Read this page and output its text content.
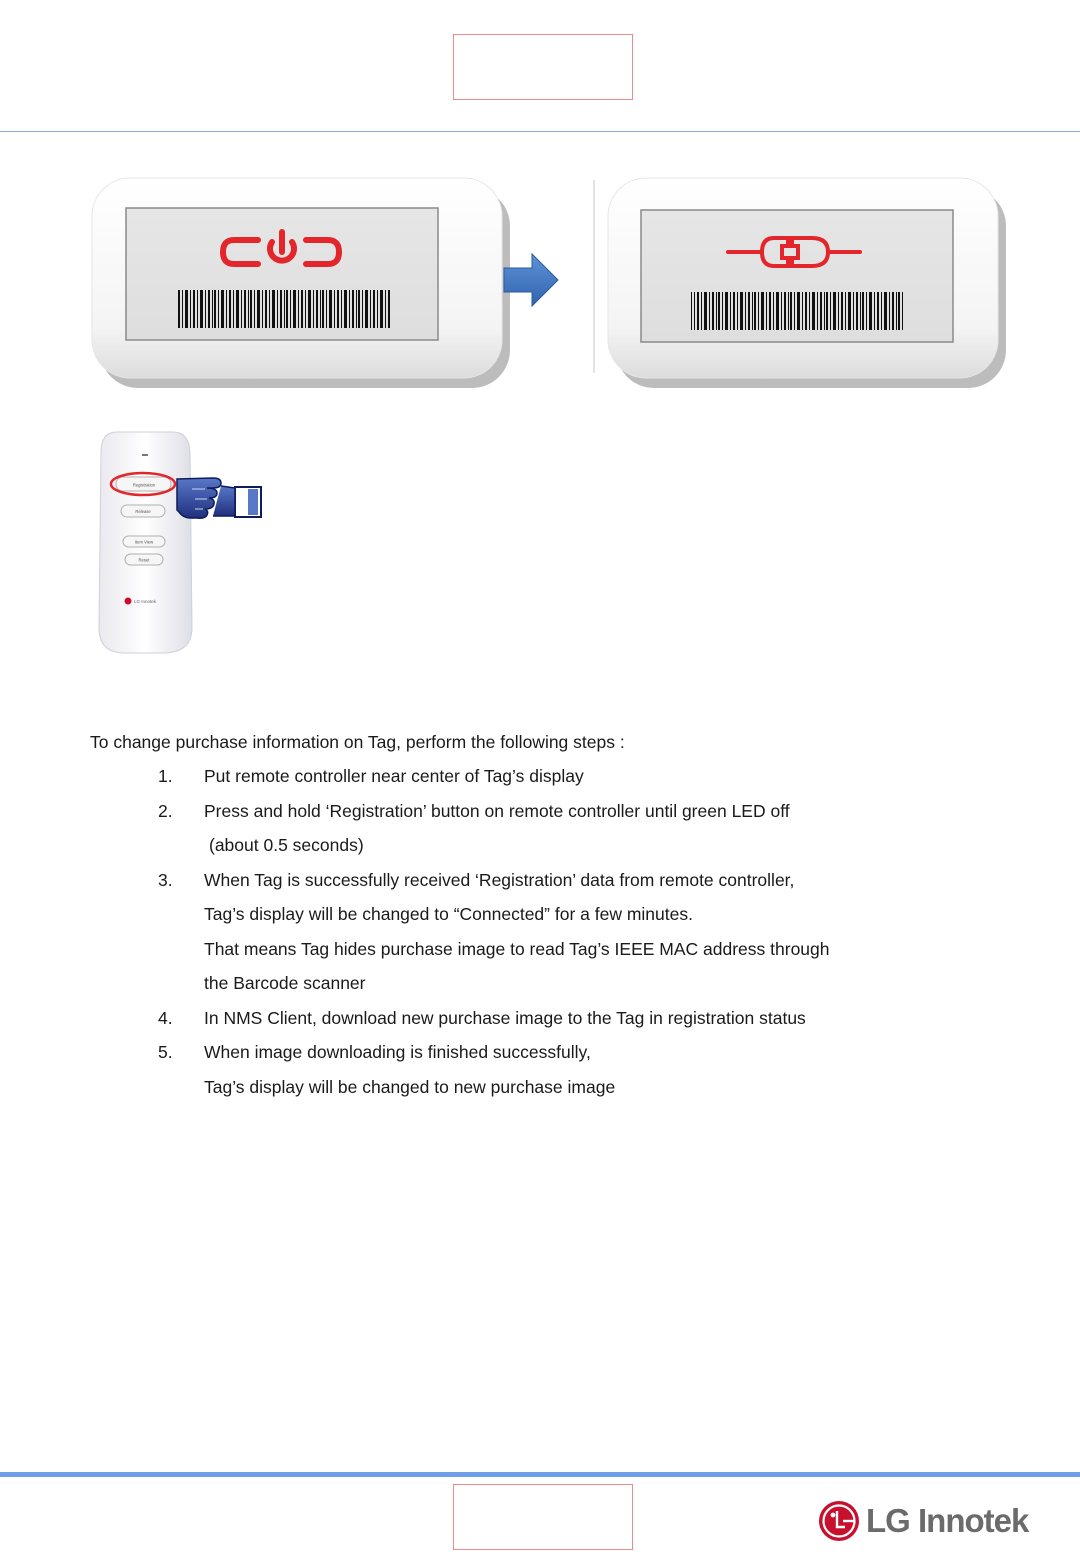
Registration
Release
Item View
Reset
LG Innotek
To change purchase information on Tag, perform the following steps :
1. Put remote controller near center of Tag’s display
2. Press and hold ‘Registration’ button on remote controller until green LED off
(about 0.5 seconds)
3. When Tag is successfully received ‘Registration’ data from remote controller,
Tag’s display will be changed to “Connected” for a few minutes.
That means Tag hides purchase image to read Tag’s IEEE MAC address through
the Barcode scanner
4. In NMS Client, download new purchase image to the Tag in registration status
5. When image downloading is finished successfully,
Tag’s display will be changed to new purchase image
LG Innotek
